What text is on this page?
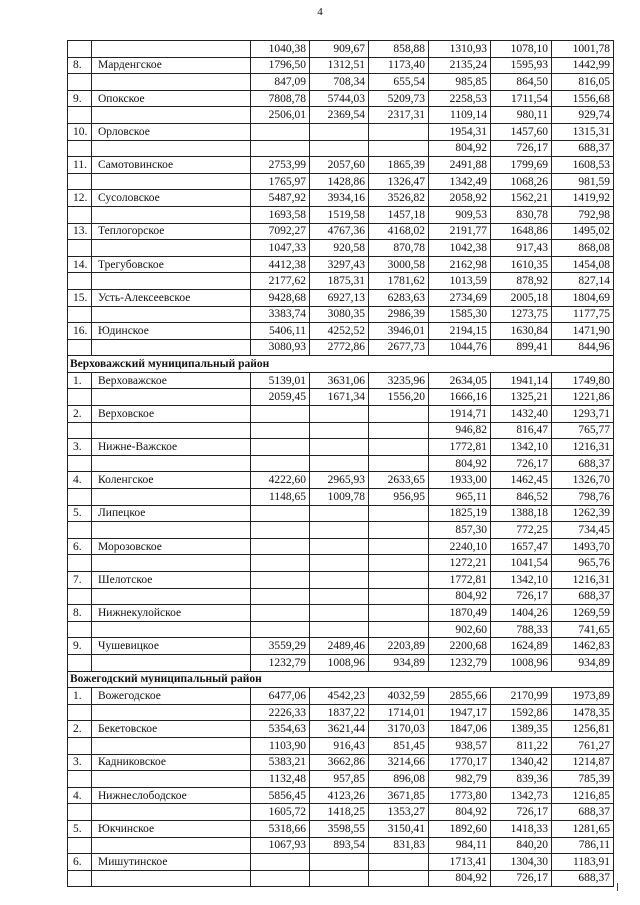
4
		1040,38	909,67	858,88	1310,93	1078,10	1001,78
8.	Марденгское	1796,50	1312,51	1173,40	2135,24	1595,93	1442,99
		847,09	708,34	655,54	985,85	864,50	816,05
9.	Опокское	7808,78	5744,03	5209,73	2258,53	1711,54	1556,68
		2506,01	2369,54	2317,31	1109,14	980,11	929,74
10.	Орловское				1954,31	1457,60	1315,31
					804,92	726,17	688,37
11.	Самотовинское	2753,99	2057,60	1865,39	2491,88	1799,69	1608,53
		1765,97	1428,86	1326,47	1342,49	1068,26	981,59
12.	Сусоловское	5487,92	3934,16	3526,82	2058,92	1562,21	1419,92
		1693,58	1519,58	1457,18	909,53	830,78	792,98
13.	Теплогорское	7092,27	4767,36	4168,02	2191,77	1648,86	1495,02
		1047,33	920,58	870,78	1042,38	917,43	868,08
14.	Трегубовское	4412,38	3297,43	3000,58	2162,98	1610,35	1454,08
		2177,62	1875,31	1781,62	1013,59	878,92	827,14
15.	Усть-Алексеевское	9428,68	6927,13	6283,63	2734,69	2005,18	1804,69
		3383,74	3080,35	2986,39	1585,30	1273,75	1177,75
16.	Юдинское	5406,11	4252,52	3946,01	2194,15	1630,84	1471,90
		3080,93	2772,86	2677,73	1044,76	899,41	844,96
Верховажский муниципальный район							
1.	Верховажское	5139,01	3631,06	3235,96	2634,05	1941,14	1749,80
		2059,45	1671,34	1556,20	1666,16	1325,21	1221,86
2.	Верховское				1914,71	1432,40	1293,71
					946,82	816,47	765,77
3.	Нижне-Важское				1772,81	1342,10	1216,31
					804,92	726,17	688,37
4.	Коленгское	4222,60	2965,93	2633,65	1933,00	1462,45	1326,70
		1148,65	1009,78	956,95	965,11	846,52	798,76
5.	Липецкое				1825,19	1388,18	1262,39
					857,30	772,25	734,45
6.	Морозовское				2240,10	1657,47	1493,70
					1272,21	1041,54	965,76
7.	Шелотское				1772,81	1342,10	1216,31
					804,92	726,17	688,37
8.	Нижнекулойское				1870,49	1404,26	1269,59
					902,60	788,33	741,65
9.	Чушевицкое	3559,29	2489,46	2203,89	2200,68	1624,89	1462,83
		1232,79	1008,96	934,89	1232,79	1008,96	934,89
Вожегодский муниципальный район							
1.	Вожегодское	6477,06	4542,23	4032,59	2855,66	2170,99	1973,89
		2226,33	1837,22	1714,01	1947,17	1592,86	1478,35
2.	Бекетовское	5354,63	3621,44	3170,03	1847,06	1389,35	1256,81
		1103,90	916,43	851,45	938,57	811,22	761,27
3.	Кадниковское	5383,21	3662,86	3214,66	1770,17	1340,42	1214,87
		1132,48	957,85	896,08	982,79	839,36	785,39
4.	Нижнеслободское	5856,45	4123,26	3671,85	1773,80	1342,73	1216,85
		1605,72	1418,25	1353,27	804,92	726,17	688,37
5.	Юкчинское	5318,66	3598,55	3150,41	1892,60	1418,33	1281,65
		1067,93	893,54	831,83	984,11	840,20	786,11
6.	Мишутинское				1713,41	1304,30	1183,91
					804,92	726,17	688,37
